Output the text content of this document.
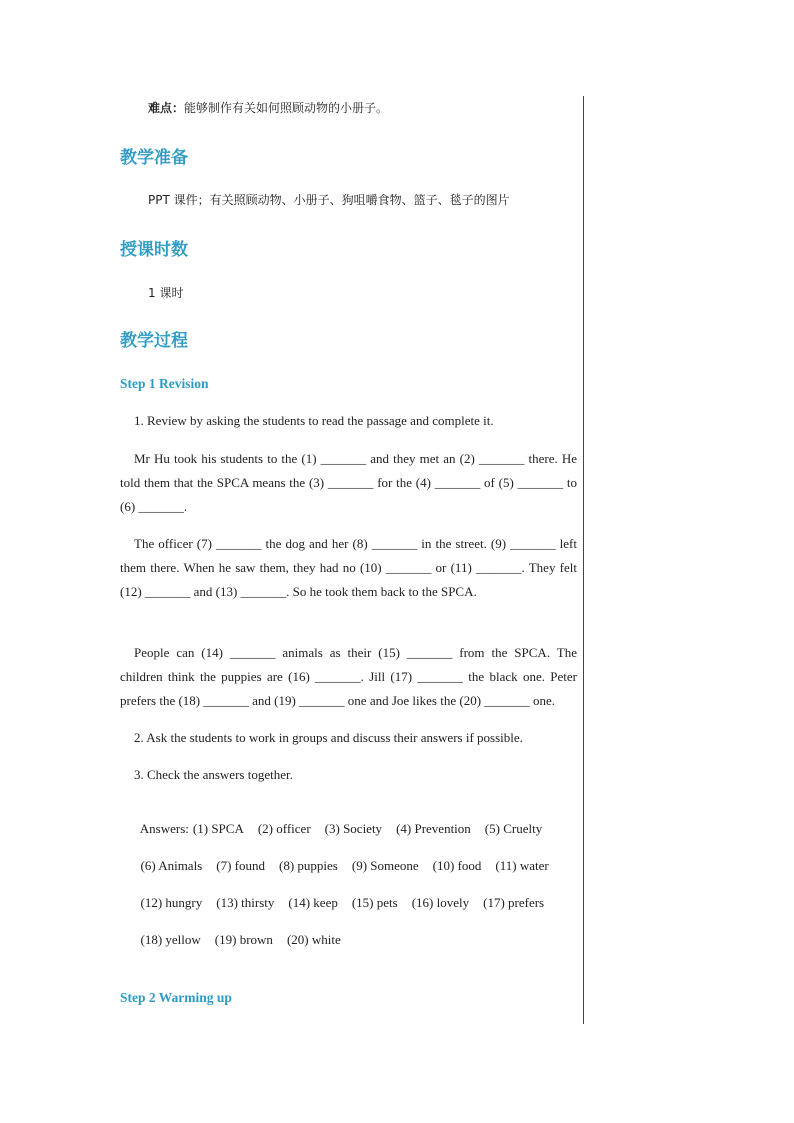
难点：能够制作有关如何照顾动物的小册子。
教学准备
PPT 课件；有关照顾动物、小册子、狗咀嚼食物、篮子、毯子的图片
授课时数
1 课时
教学过程
Step 1 Revision
1. Review by asking the students to read the passage and complete it.
Mr Hu took his students to the (1) _______ and they met an (2) _______ there. He told them that the SPCA means the (3) _______ for the (4) _______ of (5) _______ to (6) _______.
The officer (7) _______ the dog and her (8) _______ in the street. (9) _______ left them there. When he saw them, they had no (10) _______ or (11) _______. They felt (12) _______ and (13) _______. So he took them back to the SPCA.
People can (14) _______ animals as their (15) _______ from the SPCA. The children think the puppies are (16) _______. Jill (17) _______ the black one. Peter prefers the (18) _______ and (19) _______ one and Joe likes the (20) _______ one.
2. Ask the students to work in groups and discuss their answers if possible.
3. Check the answers together.

Answers: (1) SPCA (2) officer (3) Society (4) Prevention (5) Cruelty

(6) Animals (7) found (8) puppies (9) Someone (10) food (11) water

(12) hungry (13) thirsty (14) keep (15) pets (16) lovely (17) prefers

(18) yellow (19) brown (20) white

Step 2 Warming up
